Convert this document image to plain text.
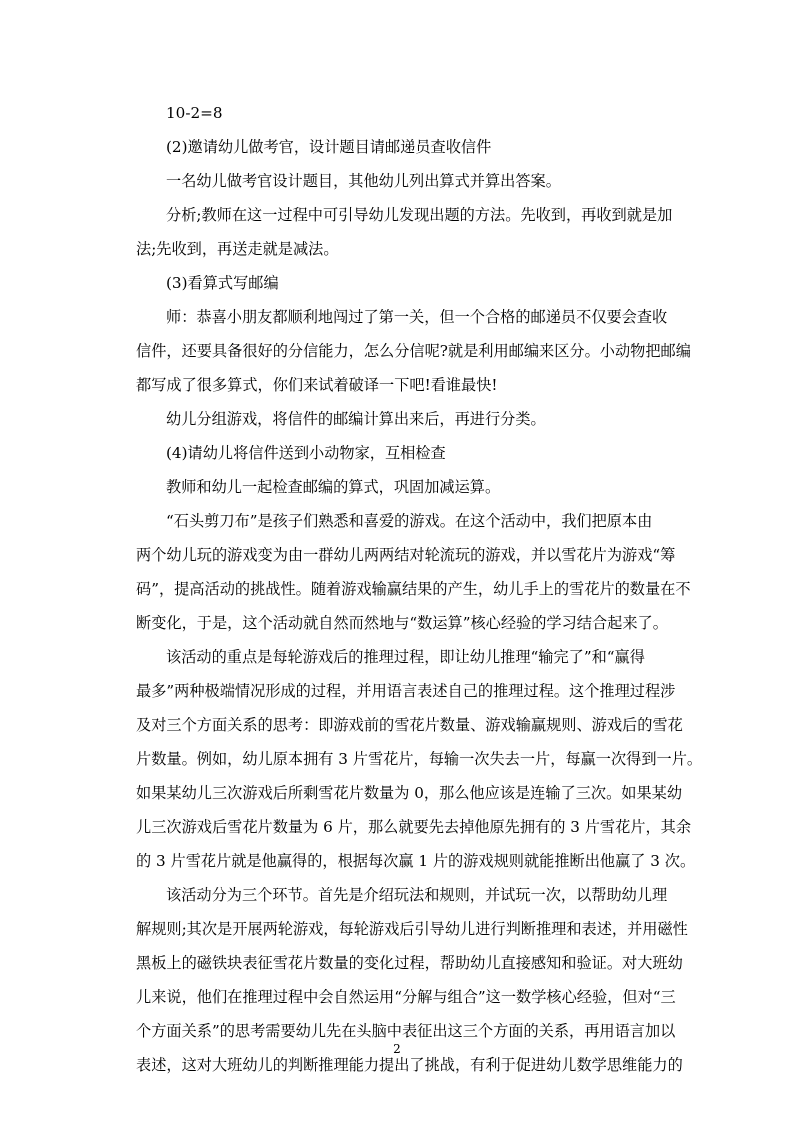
10-2=8
(2)邀请幼儿做考官，设计题目请邮递员查收信件
一名幼儿做考官设计题目，其他幼儿列出算式并算出答案。
分析;教师在这一过程中可引导幼儿发现出题的方法。先收到，再收到就是加
法;先收到，再送走就是减法。
(3)看算式写邮编
师：恭喜小朋友都顺利地闯过了第一关，但一个合格的邮递员不仅要会查收
信件，还要具备很好的分信能力，怎么分信呢?就是利用邮编来区分。小动物把邮编
都写成了很多算式，你们来试着破译一下吧!看谁最快!
幼儿分组游戏，将信件的邮编计算出来后，再进行分类。
(4)请幼儿将信件送到小动物家，互相检查
教师和幼儿一起检查邮编的算式，巩固加减运算。
“石头剪刀布”是孩子们熟悉和喜爱的游戏。在这个活动中，我们把原本由
两个幼儿玩的游戏变为由一群幼儿两两结对轮流玩的游戏，并以雪花片为游戏“筹
码”，提高活动的挑战性。随着游戏输赢结果的产生，幼儿手上的雪花片的数量在不
断变化，于是，这个活动就自然而然地与“数运算”核心经验的学习结合起来了。
该活动的重点是每轮游戏后的推理过程，即让幼儿推理“输完了”和“赢得
最多”两种极端情况形成的过程，并用语言表述自己的推理过程。这个推理过程涉
及对三个方面关系的思考：即游戏前的雪花片数量、游戏输赢规则、游戏后的雪花
片数量。例如，幼儿原本拥有 3 片雪花片，每输一次失去一片，每赢一次得到一片。
如果某幼儿三次游戏后所剩雪花片数量为 0，那么他应该是连输了三次。如果某幼
儿三次游戏后雪花片数量为 6 片，那么就要先去掉他原先拥有的 3 片雪花片，其余
的 3 片雪花片就是他赢得的，根据每次赢 1 片的游戏规则就能推断出他赢了 3 次。
该活动分为三个环节。首先是介绍玩法和规则，并试玩一次，以帮助幼儿理
解规则;其次是开展两轮游戏，每轮游戏后引导幼儿进行判断推理和表述，并用磁性
黑板上的磁铁块表征雪花片数量的变化过程，帮助幼儿直接感知和验证。对大班幼
儿来说，他们在推理过程中会自然运用“分解与组合”这一数学核心经验，但对“三
个方面关系”的思考需要幼儿先在头脑中表征出这三个方面的关系，再用语言加以
表述，这对大班幼儿的判断推理能力提出了挑战，有利于促进幼儿数学思维能力的
2
